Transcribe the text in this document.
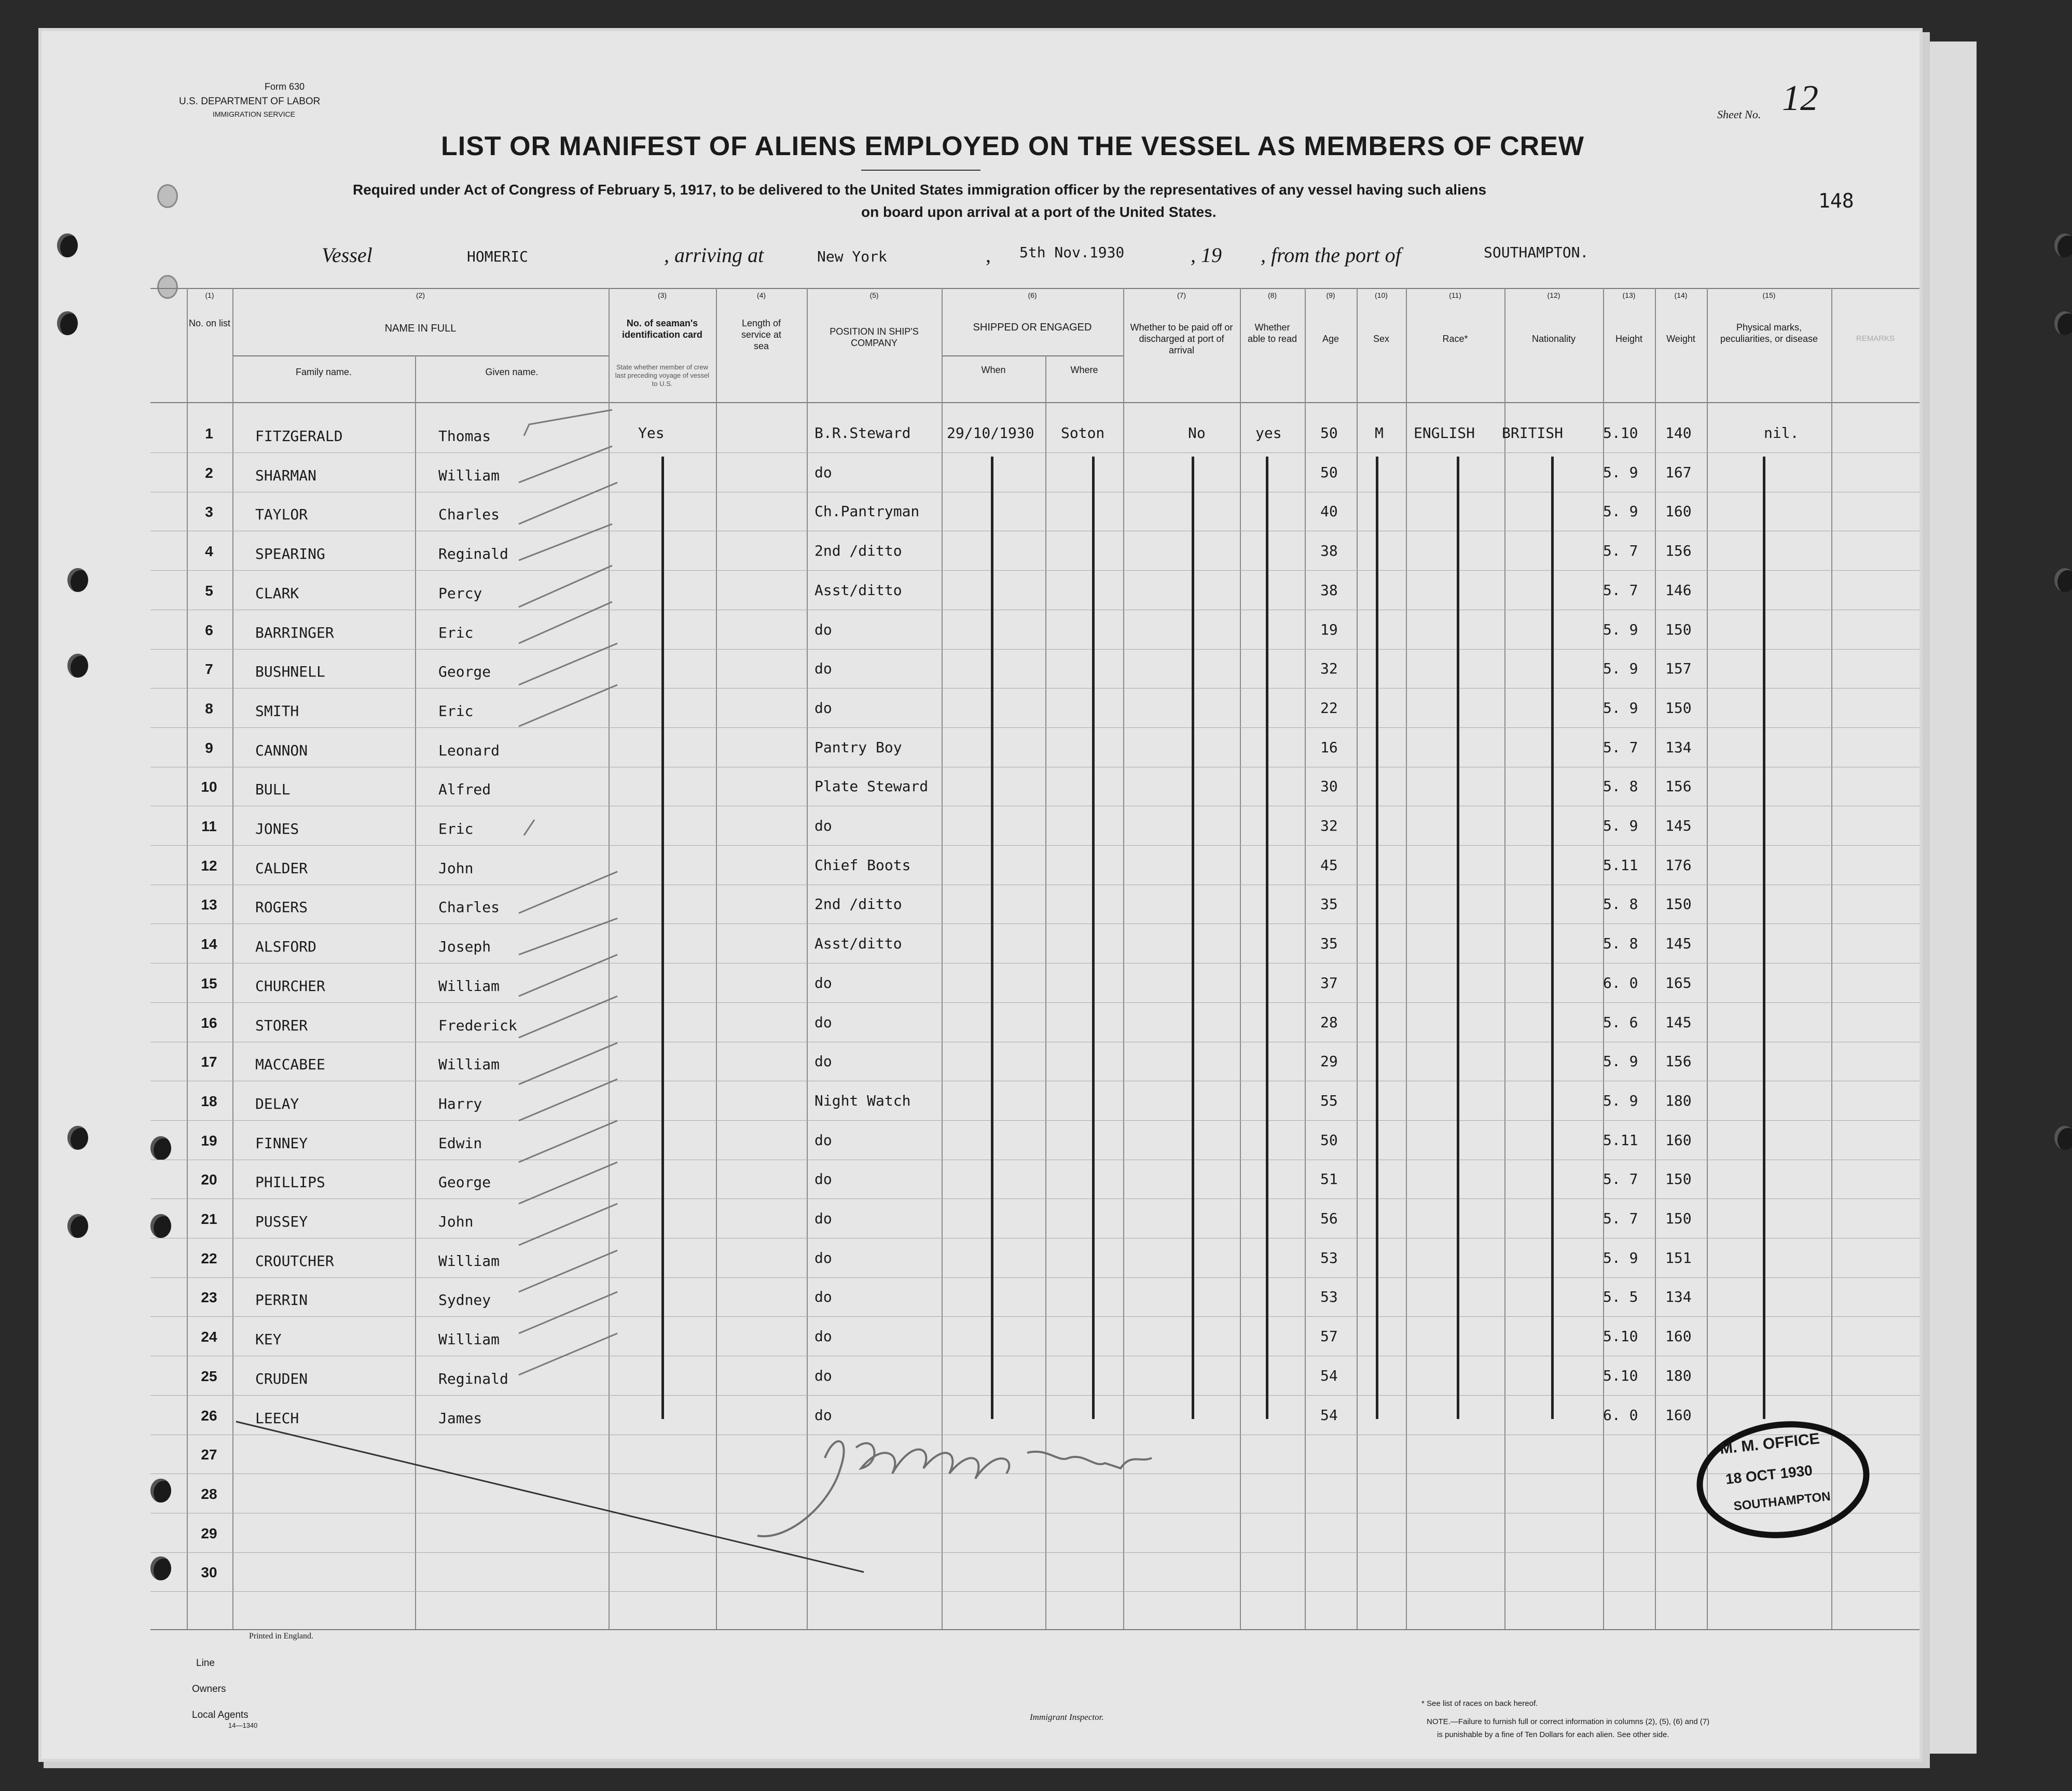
Form 630
U.S. DEPARTMENT OF LABOR
IMMIGRATION SERVICE	Sheet No. 12
148
LIST OR MANIFEST OF ALIENS EMPLOYED ON THE VESSEL AS MEMBERS OF CREW
Required under Act of Congress of February 5, 1917, to be delivered to the United States immigration officer by the representatives of any vessel having such aliens
on board upon arrival at a port of the United States.
Vessel	HOMERIC	, arriving at	New York	, 5th Nov.1930	, 19 , from the port of	SOUTHAMPTON.
(1)
No. on list
(2)
NAME IN FULL
Family name.	Given name.
(3)
No. of seaman's identification card
State whether member of crew last preceding voyage of vessel to U.S.
(4)
Length of service at sea
(5)
POSITION IN SHIP'S COMPANY
(6)
SHIPPED OR ENGAGED
When	Where
(7)
Whether to be paid off or discharged at port of arrival
(8)
Whether able to read
(9)
Age
(10)
Sex
(11)
Race*
(12)
Nationality
(13)
Height
(14)
Weight
(15)
Physical marks, peculiarities, or disease	REMARKS
1	FITZGERALD	Thomas	Yes	B.R.Steward 29/10/1930 Soton	No	yes	50	M ENGLISH BRITISH	5.10 140	nil.
2	SHARMAN	William	do	50	5. 9 167
3	TAYLOR	Charles	Ch.Pantryman	40	5. 9 160
4	SPEARING	Reginald	2nd /ditto	38	5. 7 156
5	CLARK	Percy	Asst/ditto	38	5. 7 146
6	BARRINGER	Eric	do	19	5. 9 150
7	BUSHNELL	George	do	32	5. 9 157
8	SMITH	Eric	do	22	5. 9 150
9	CANNON	Leonard	Pantry Boy	16	5. 7 134
10	BULL	Alfred	Plate Steward	30	5. 8 156
11	JONES	Eric	do	32	5. 9 145
12	CALDER	John	Chief Boots	45	5.11 176
13	ROGERS	Charles	2nd /ditto	35	5. 8 150
14	ALSFORD	Joseph	Asst/ditto	35	5. 8 145
15	CHURCHER	William	do	37	6. 0 165
16	STORER	Frederick	do	28	5. 6 145
17	MACCABEE	William	do	29	5. 9 156
18	DELAY	Harry	Night Watch	55	5. 9 180
19	FINNEY	Edwin	do	50	5.11 160
20	PHILLIPS	George	do	51	5. 7 150
21	PUSSEY	John	do	56	5. 7 150
22	CROUTCHER	William	do	53	5. 9 151
23	PERRIN	Sydney	do	53	5. 5 134
24	KEY	William	do	57	5.10 160
25	CRUDEN	Reginald	do	54	5.10 180
26	LEECH	James	do	54	6. 0 160
27
28
29
30
M. M. OFFICE
18 OCT 1930
SOUTHAMPTON
Printed in England.
Line
Owners
Local Agents
14—1340
Immigrant Inspector.
* See list of races on back hereof.
NOTE.—Failure to furnish full or correct information in columns (2), (5), (6) and (7)
is punishable by a fine of Ten Dollars for each alien. See other side.
